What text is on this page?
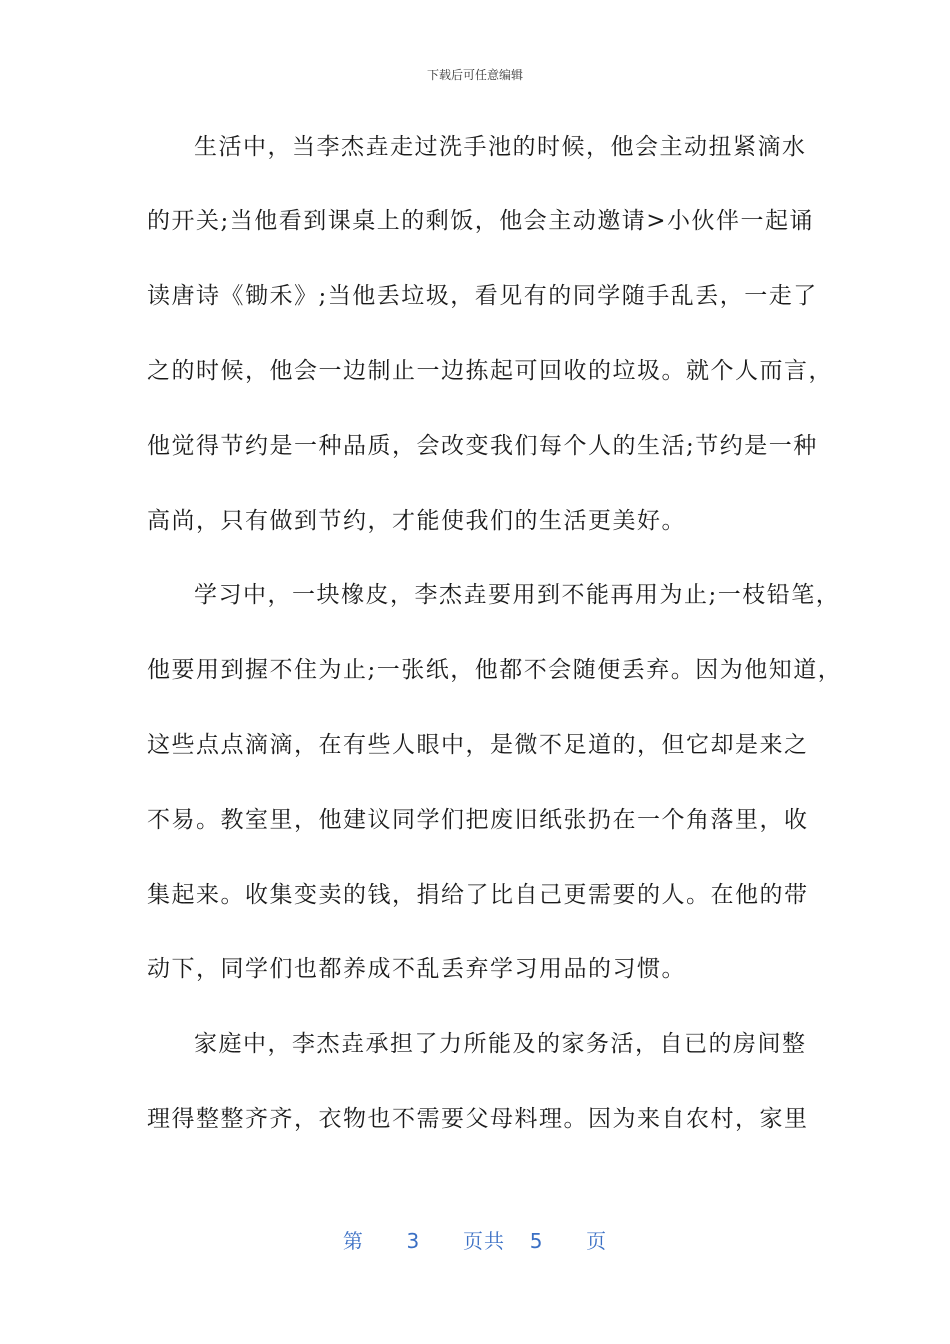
下载后可任意编辑
生活中，当李杰垚走过洗手池的时候，他会主动扭紧滴水
的开关;当他看到课桌上的剩饭，他会主动邀请>小伙伴一起诵
读唐诗《锄禾》;当他丢垃圾，看见有的同学随手乱丢，一走了
之的时候，他会一边制止一边拣起可回收的垃圾。就个人而言，
他觉得节约是一种品质，会改变我们每个人的生活;节约是一种
高尚，只有做到节约，才能使我们的生活更美好。
学习中，一块橡皮，李杰垚要用到不能再用为止;一枝铅笔，
他要用到握不住为止;一张纸，他都不会随便丢弃。因为他知道，
这些点点滴滴，在有些人眼中，是微不足道的，但它却是来之
不易。教室里，他建议同学们把废旧纸张扔在一个角落里，收
集起来。收集变卖的钱，捐给了比自己更需要的人。在他的带
动下，同学们也都养成不乱丢弃学习用品的习惯。
家庭中，李杰垚承担了力所能及的家务活，自已的房间整
理得整整齐齐，衣物也不需要父母料理。因为来自农村，家里
第 3 页共 5 页
